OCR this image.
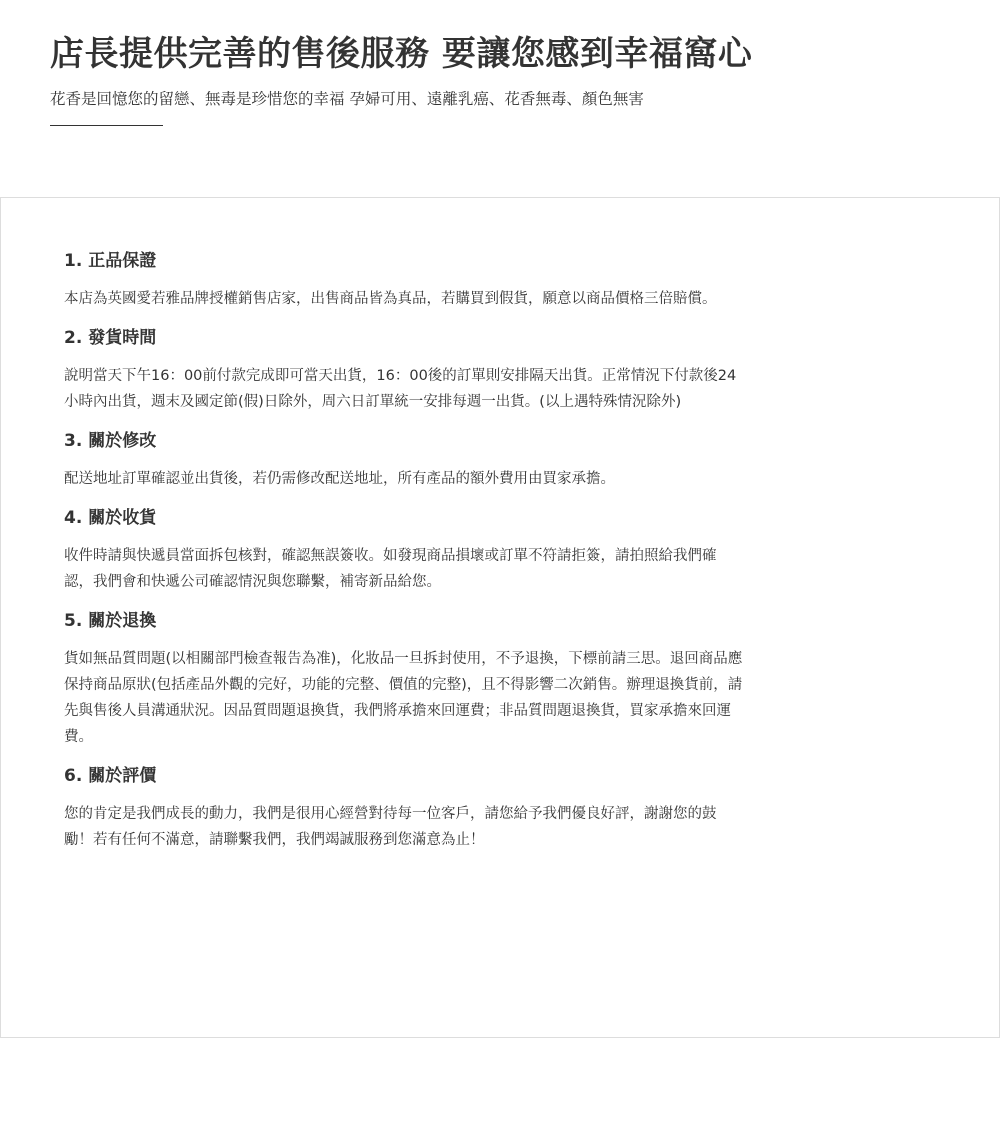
店長提供完善的售後服務 要讓您感到幸福窩心

花香是回憶您的留戀、無毒是珍惜您的幸福 孕婦可用、遠離乳癌、花香無毒、顏色無害

1. 正品保證

本店為英國愛若雅品牌授權銷售店家，出售商品皆為真品，若購買到假貨，願意以商品價格三倍賠償。

2. 發貨時間

說明當天下午16：00前付款完成即可當天出貨，16：00後的訂單則安排隔天出貨。正常情況下付款後24小時內出貨，週末及國定節(假)日除外，周六日訂單統一安排每週一出貨。(以上遇特殊情況除外)

3. 關於修改

配送地址訂單確認並出貨後，若仍需修改配送地址，所有產品的額外費用由買家承擔。

4. 關於收貨

收件時請與快遞員當面拆包核對，確認無誤簽收。如發現商品損壞或訂單不符請拒簽，請拍照給我們確認，我們會和快遞公司確認情況與您聯繫，補寄新品給您。

5. 關於退換

貨如無品質問題(以相關部門檢查報告為准)，化妝品一旦拆封使用，不予退換，下標前請三思。退回商品應保持商品原狀(包括產品外觀的完好，功能的完整、價值的完整)，且不得影響二次銷售。辦理退換貨前，請先與售後人員溝通狀況。因品質問題退換貨，我們將承擔來回運費；非品質問題退換貨，買家承擔來回運費。

6. 關於評價

您的肯定是我們成長的動力，我們是很用心經營對待每一位客戶，請您給予我們優良好評，謝謝您的鼓勵！若有任何不滿意，請聯繫我們，我們竭誠服務到您滿意為止！
